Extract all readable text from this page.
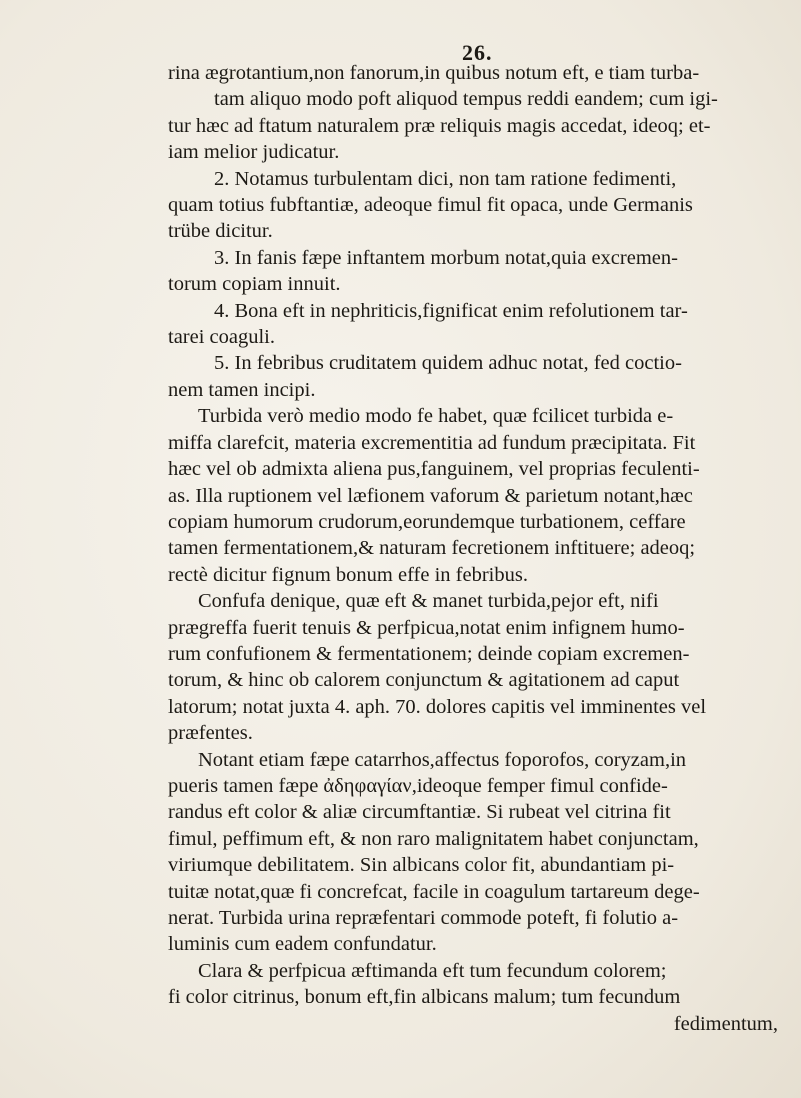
26.
rina ægrotantium,non fanorum,in quibus notum eft, e tiam turba-
tam aliquo modo poft aliquod tempus reddi eandem; cum igi-
tur hæc ad ftatum naturalem præ reliquis magis accedat, ideoq; et-
iam melior judicatur.
2. Notamus turbulentam dici, non tam ratione fedimenti,
quam totius fubftantiæ, adeoque fimul fit opaca, unde Germanis
trübe dicitur.
3. In fanis fæpe inftantem morbum notat,quia excremen-
torum copiam innuit.
4. Bona eft in nephriticis,fignificat enim refolutionem tar-
tarei coaguli.
5. In febribus cruditatem quidem adhuc notat, fed coctio-
nem tamen incipi.
Turbida verò medio modo fe habet, quæ fcilicet turbida e-
miffa clarefcit, materia excrementitia ad fundum præcipitata. Fit
hæc vel ob admixta aliena pus,fanguinem, vel proprias feculenti-
as. Illa ruptionem vel læfionem vaforum & parietum notant,hæc
copiam humorum crudorum,eorundemque turbationem, ceffare
tamen fermentationem,& naturam fecretionem inftituere; adeoq;
rectè dicitur fignum bonum effe in febribus.
Confufa denique, quæ eft & manet turbida,pejor eft, nifi
prægreffa fuerit tenuis & perfpicua,notat enim infignem humo-
rum confufionem & fermentationem; deinde copiam excremen-
torum, & hinc ob calorem conjunctum & agitationem ad caput
latorum; notat juxta 4. aph. 70. dolores capitis vel imminentes vel
præfentes.
Notant etiam fæpe catarrhos,affectus foporofos, coryzam,in
pueris tamen fæpe ἀδηφαγίαν,ideoque femper fimul confide-
randus eft color & aliæ circumftantiæ. Si rubeat vel citrina fit
fimul, peffimum eft, & non raro malignitatem habet conjunctam,
viriumque debilitatem. Sin albicans color fit, abundantiam pi-
tuitæ notat,quæ fi concrefcat, facile in coagulum tartareum dege-
nerat. Turbida urina repræfentari commode poteft, fi folutio a-
luminis cum eadem confundatur.
Clara & perfpicua æftimanda eft tum fecundum colorem;
fi color citrinus, bonum eft,fin albicans malum; tum fecundum
fedimentum,
